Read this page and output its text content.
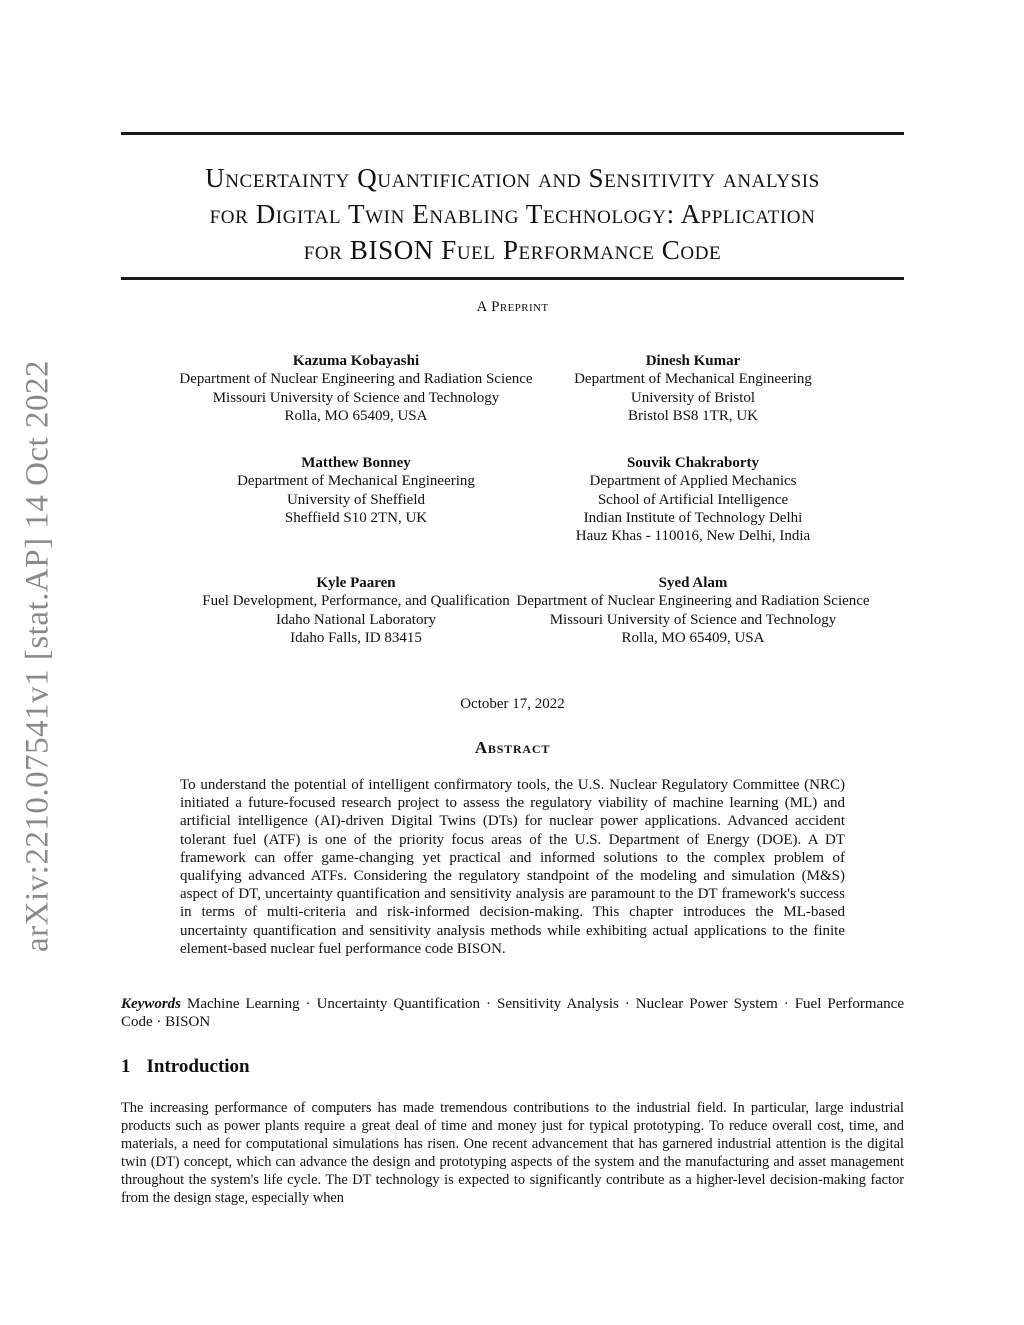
arXiv:2210.07541v1 [stat.AP] 14 Oct 2022
Uncertainty Quantification and Sensitivity analysis
for Digital Twin Enabling Technology: Application
for BISON Fuel Performance Code
A Preprint
Kazuma Kobayashi
Department of Nuclear Engineering and Radiation Science
Missouri University of Science and Technology
Rolla, MO 65409, USA
Dinesh Kumar
Department of Mechanical Engineering
University of Bristol
Bristol BS8 1TR, UK
Matthew Bonney
Department of Mechanical Engineering
University of Sheffield
Sheffield S10 2TN, UK
Souvik Chakraborty
Department of Applied Mechanics
School of Artificial Intelligence
Indian Institute of Technology Delhi
Hauz Khas - 110016, New Delhi, India
Kyle Paaren
Fuel Development, Performance, and Qualification
Idaho National Laboratory
Idaho Falls, ID 83415
Syed Alam
Department of Nuclear Engineering and Radiation Science
Missouri University of Science and Technology
Rolla, MO 65409, USA
October 17, 2022
Abstract

To understand the potential of intelligent confirmatory tools, the U.S. Nuclear Regulatory Committee (NRC) initiated a future-focused research project to assess the regulatory viability of machine learning (ML) and artificial intelligence (AI)-driven Digital Twins (DTs) for nuclear power applications. Advanced accident tolerant fuel (ATF) is one of the priority focus areas of the U.S. Department of Energy (DOE). A DT framework can offer game-changing yet practical and informed solutions to the complex problem of qualifying advanced ATFs. Considering the regulatory standpoint of the modeling and simulation (M&S) aspect of DT, uncertainty quantification and sensitivity analysis are paramount to the DT framework's success in terms of multi-criteria and risk-informed decision-making. This chapter introduces the ML-based uncertainty quantification and sensitivity analysis methods while exhibiting actual applications to the finite element-based nuclear fuel performance code BISON.

Keywords Machine Learning · Uncertainty Quantification · Sensitivity Analysis · Nuclear Power System · Fuel Performance Code · BISON

1 Introduction

The increasing performance of computers has made tremendous contributions to the industrial field. In particular, large industrial products such as power plants require a great deal of time and money just for typical prototyping. To reduce overall cost, time, and materials, a need for computational simulations has risen. One recent advancement that has garnered industrial attention is the digital twin (DT) concept, which can advance the design and prototyping aspects of the system and the manufacturing and asset management throughout the system's life cycle. The DT technology is expected to significantly contribute as a higher-level decision-making factor from the design stage, especially when
